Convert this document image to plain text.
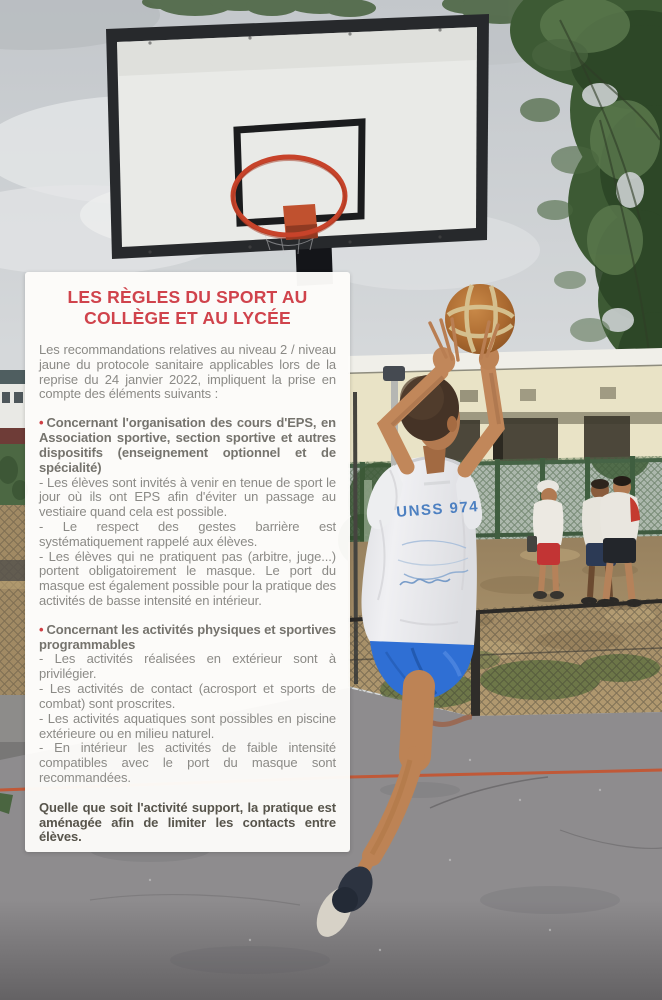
UNSS 974
LES RÈGLES DU SPORT AU
COLLÈGE ET AU LYCÉE

Les recommandations relatives au niveau 2 / niveau jaune du protocole sanitaire applicables lors de la reprise du 24 janvier 2022, impliquent la prise en compte des éléments suivants :

• Concernant l'organisation des cours d'EPS, en Association sportive, section sportive et autres dispositifs (enseignement optionnel et de spécialité)

- Les élèves sont invités à venir en tenue de sport le jour où ils ont EPS afin d'éviter un passage au vestiaire quand cela est possible.

- Le respect des gestes barrière est systématiquement rappelé aux élèves.

- Les élèves qui ne pratiquent pas (arbitre, juge...) portent obligatoirement le masque. Le port du masque est également possible pour la pratique des activités de basse intensité en intérieur.

• Concernant les activités physiques et sportives programmables

- Les activités réalisées en extérieur sont à privilégier.

- Les activités de contact (acrosport et sports de combat) sont proscrites.

- Les activités aquatiques sont possibles en piscine extérieure ou en milieu naturel.

- En intérieur les activités de faible intensité compatibles avec le port du masque sont recommandées.

Quelle que soit l'activité support, la pratique est aménagée afin de limiter les contacts entre élèves.
